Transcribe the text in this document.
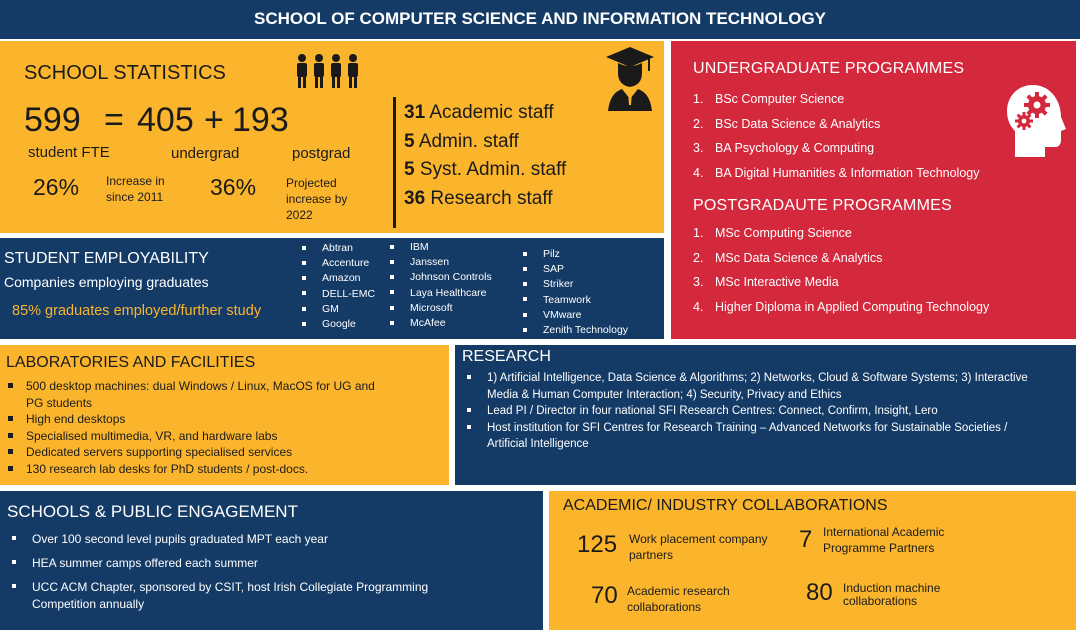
SCHOOL OF COMPUTER SCIENCE AND INFORMATION TECHNOLOGY
SCHOOL STATISTICS
599 = 405 + 193
student FTE	undergrad	postgrad
26% Increase in
since 2011 36% Projected
increase by
2022
31 Academic staff
5 Admin. staff
5 Syst. Admin. staff
36 Research staff
UNDERGRADUATE PROGRAMMES
1. BSc Computer Science
2. BSc Data Science & Analytics
3. BA Psychology & Computing
4. BA Digital Humanities & Information Technology
POSTGRADAUTE PROGRAMMES
1. MSc Computing Science
2. MSc Data Science & Analytics
3. MSc Interactive Media
4. Higher Diploma in Applied Computing Technology
STUDENT EMPLOYABILITY
Companies employing graduates
85% graduates employed/further study
Abtran
Accenture
Amazon
DELL-EMC
GM
Google
IBM
Janssen
Johnson Controls
Laya Healthcare
Microsoft
McAfee
Pilz
SAP
Striker
Teamwork
VMware
Zenith Technology
LABORATORIES AND FACILITIES
500 desktop machines: dual Windows / Linux, MacOS for UG and PG students
High end desktops
Specialised multimedia, VR, and hardware labs
Dedicated servers supporting specialised services
130 research lab desks for PhD students / post-docs.
RESEARCH
1) Artificial Intelligence, Data Science & Algorithms; 2) Networks, Cloud & Software Systems; 3) Interactive Media & Human Computer Interaction; 4) Security, Privacy and Ethics
Lead PI / Director in four national SFI Research Centres: Connect, Confirm, Insight, Lero
Host institution for SFI Centres for Research Training – Advanced Networks for Sustainable Societies / Artificial Intelligence
SCHOOLS & PUBLIC ENGAGEMENT
Over 100 second level pupils graduated MPT each year
HEA summer camps offered each summer
UCC ACM Chapter, sponsored by CSIT, host Irish Collegiate Programming Competition annually
ACADEMIC/ INDUSTRY COLLABORATIONS
125 Work placement company
partners
7 International Academic
Programme Partners
70 Academic research
collaborations
80 Induction machine
collaborations
